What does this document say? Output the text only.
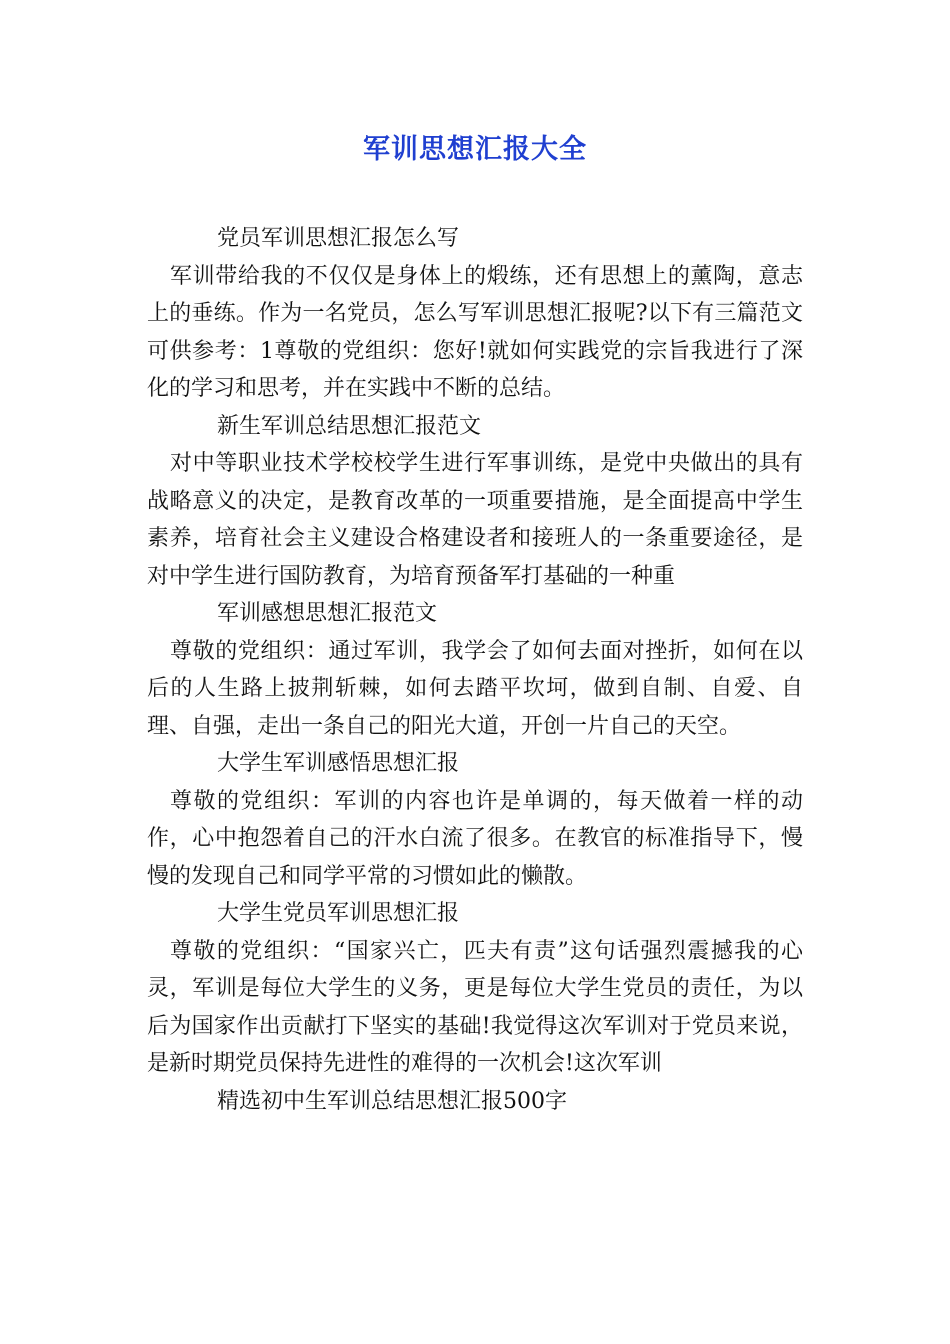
军训思想汇报大全
党员军训思想汇报怎么写

军训带给我的不仅仅是身体上的煅练，还有思想上的薰陶，意志上的垂练。作为一名党员，怎么写军训思想汇报呢?以下有三篇范文可供参考：1尊敬的党组织：您好!就如何实践党的宗旨我进行了深化的学习和思考，并在实践中不断的总结。

新生军训总结思想汇报范文

对中等职业技术学校校学生进行军事训练，是党中央做出的具有战略意义的决定，是教育改革的一项重要措施，是全面提高中学生素养，培育社会主义建设合格建设者和接班人的一条重要途径，是对中学生进行国防教育，为培育预备军打基础的一种重

军训感想思想汇报范文

尊敬的党组织：通过军训，我学会了如何去面对挫折，如何在以后的人生路上披荆斩棘，如何去踏平坎坷，做到自制、自爱、自理、自强，走出一条自己的阳光大道，开创一片自己的天空。

大学生军训感悟思想汇报

尊敬的党组织：军训的内容也许是单调的，每天做着一样的动作，心中抱怨着自己的汗水白流了很多。在教官的标准指导下，慢慢的发现自己和同学平常的习惯如此的懒散。

大学生党员军训思想汇报

尊敬的党组织：“国家兴亡，匹夫有责”这句话强烈震撼我的心灵，军训是每位大学生的义务，更是每位大学生党员的责任，为以后为国家作出贡献打下坚实的基础!我觉得这次军训对于党员来说，是新时期党员保持先进性的难得的一次机会!这次军训

精选初中生军训总结思想汇报500字
